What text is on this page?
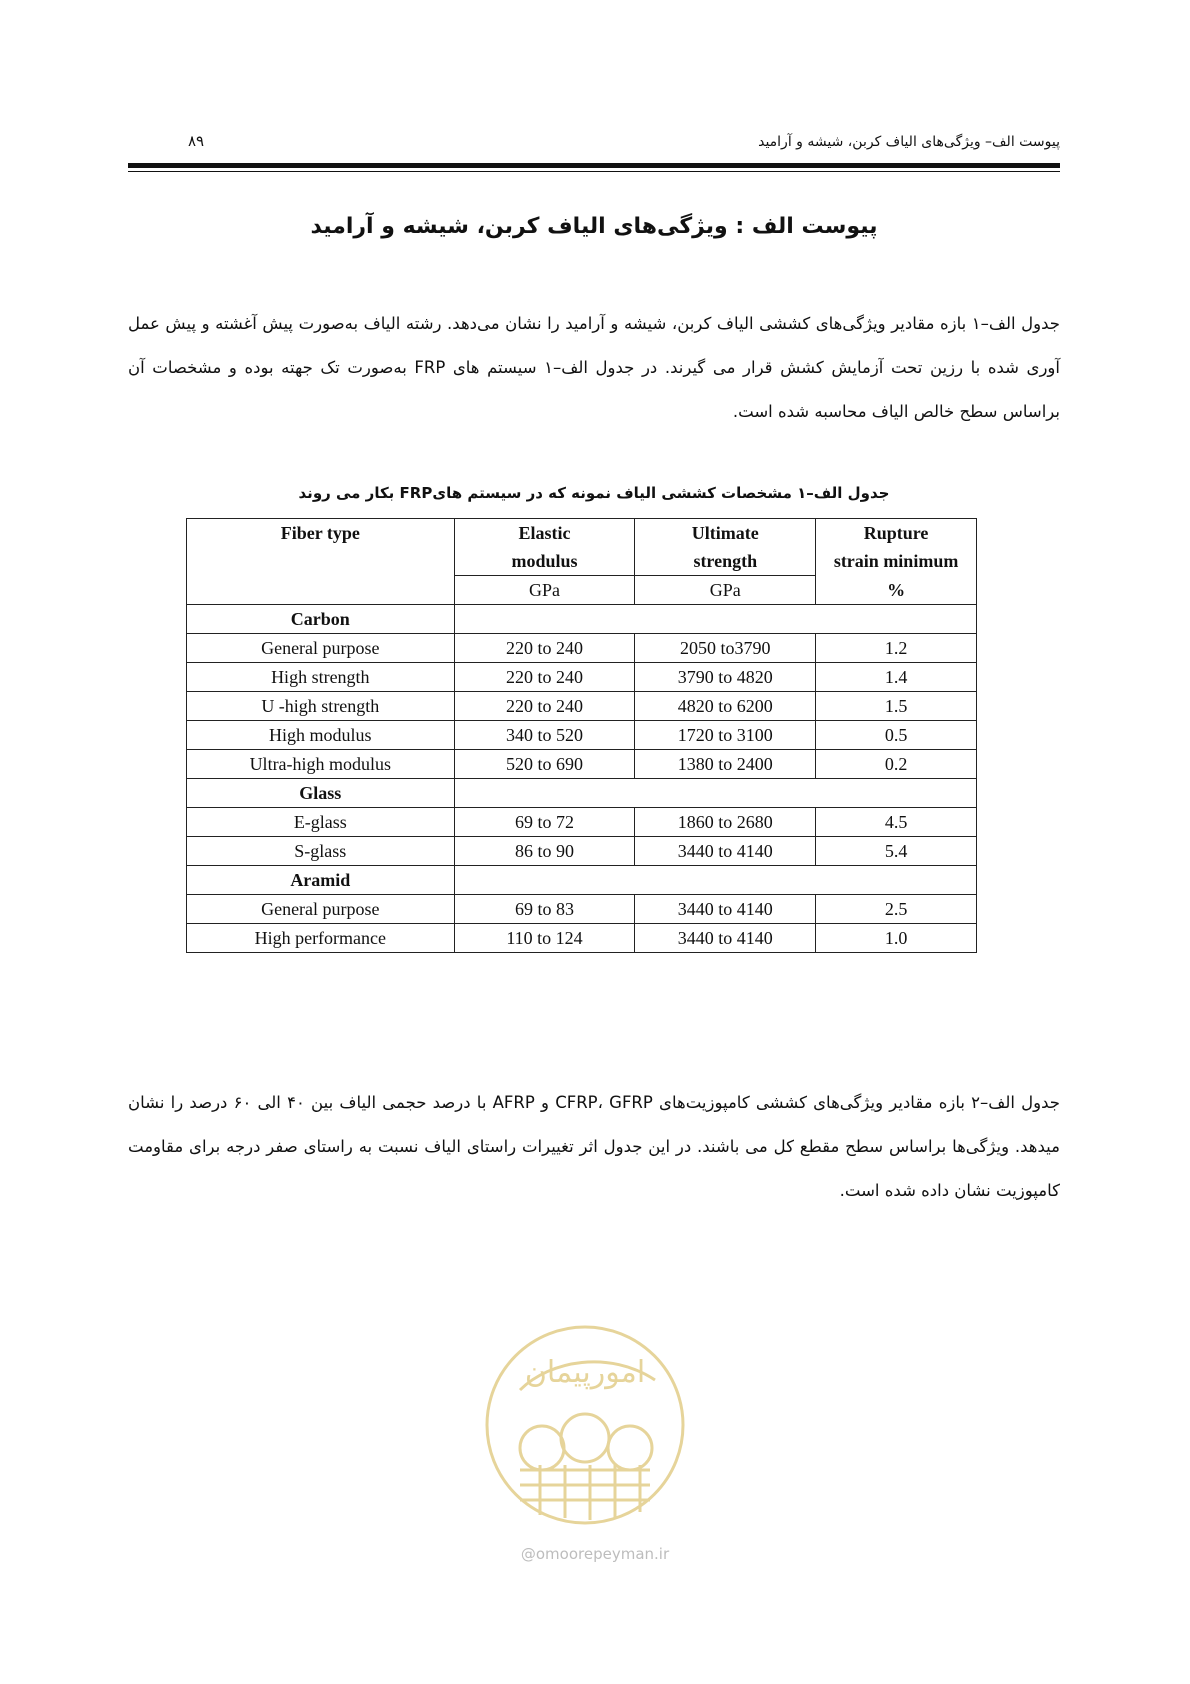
پیوست الف– ویژگی‌های الیاف کربن، شیشه و آرامید
۸۹
پیوست الف : ویژگی‌های الیاف کربن، شیشه و آرامید
جدول الف–۱ بازه مقادیر ویژگی‌های کششی الیاف کربن، شیشه و آرامید را نشان می‌دهد. رشته الیاف به‌صورت پیش آغشته و پیش عمل آوری شده با رزین تحت آزمایش کشش قرار می گیرند. در جدول الف–۱ سیستم های FRP به‌صورت تک جهته بوده و مشخصات آن براساس سطح خالص الیاف محاسبه شده است.
جدول الف–۱ مشخصات کششی الیاف نمونه که در سیستم هایFRP بکار می روند
Fiber type	Elastic	Ultimate	Rupture
	modulus	strength	strain minimum
	GPa	GPa	%
Carbon			
General purpose	220 to 240	2050 to3790	1.2
High strength	220 to 240	3790 to 4820	1.4
U -high strength	220 to 240	4820 to 6200	1.5
High modulus	340 to 520	1720 to 3100	0.5
Ultra-high modulus	520 to 690	1380 to 2400	0.2
Glass			
E-glass	69 to 72	1860 to 2680	4.5
S-glass	86 to 90	3440 to 4140	5.4
Aramid			
General purpose	69 to 83	3440 to 4140	2.5
High performance	110 to 124	3440 to 4140	1.0
جدول الف–۲ بازه مقادیر ویژگی‌های کششی کامپوزیت‌های CFRP، GFRP و AFRP با درصد حجمی الیاف بین ۴۰ الی ۶۰ درصد را نشان میدهد. ویژگی‌ها براساس سطح مقطع کل می باشند. در این جدول اثر تغییرات راستای الیاف نسبت به راستای صفر درجه برای مقاومت کامپوزیت نشان داده شده است.
امورپیمان
@omoorepeyman.ir
